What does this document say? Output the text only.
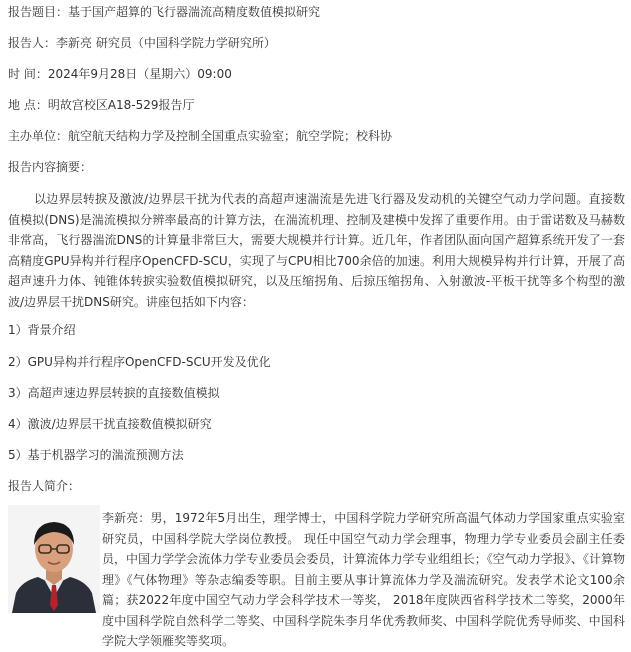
报告题目：基于国产超算的飞行器湍流高精度数值模拟研究
报告人：李新亮 研究员（中国科学院力学研究所）
时 间：2024年9月28日（星期六）09:00
地 点：明故宫校区A18-529报告厅
主办单位：航空航天结构力学及控制全国重点实验室；航空学院；校科协
报告内容摘要：
以边界层转捩及激波/边界层干扰为代表的高超声速湍流是先进飞行器及发动机的关键空气动力学问题。直接数值模拟(DNS)是湍流模拟分辨率最高的计算方法，在湍流机理、控制及建模中发挥了重要作用。由于雷诺数及马赫数非常高，飞行器湍流DNS的计算量非常巨大，需要大规模并行计算。近几年，作者团队面向国产超算系统开发了一套高精度GPU异构并行程序OpenCFD-SCU，实现了与CPU相比700余倍的加速。利用大规模异构并行计算，开展了高超声速升力体、钝锥体转捩实验数值模拟研究，以及压缩拐角、后掠压缩拐角、入射激波-平板干扰等多个构型的激波/边界层干扰DNS研究。讲座包括如下内容：
1）背景介绍
2）GPU异构并行程序OpenCFD-SCU开发及优化
3）高超声速边界层转捩的直接数值模拟
4）激波/边界层干扰直接数值模拟研究
5）基于机器学习的湍流预测方法
报告人简介：
李新亮：男，1972年5月出生，理学博士，中国科学院力学研究所高温气体动力学国家重点实验室研究员，中国科学院大学岗位教授。 现任中国空气动力学会理事，物理力学专业委员会副主任委员，中国力学学会流体力学专业委员会委员，计算流体力学专业组组长；《空气动力学报》、《计算物理》《气体物理》等杂志编委等职。目前主要从事计算流体力学及湍流研究。发表学术论文100余篇；获2022年度中国空气动力学会科学技术一等奖， 2018年度陕西省科学技术二等奖，2000年度中国科学院自然科学二等奖、中国科学院朱李月华优秀教师奖、中国科学院优秀导师奖、中国科学院大学领雁奖等奖项。
